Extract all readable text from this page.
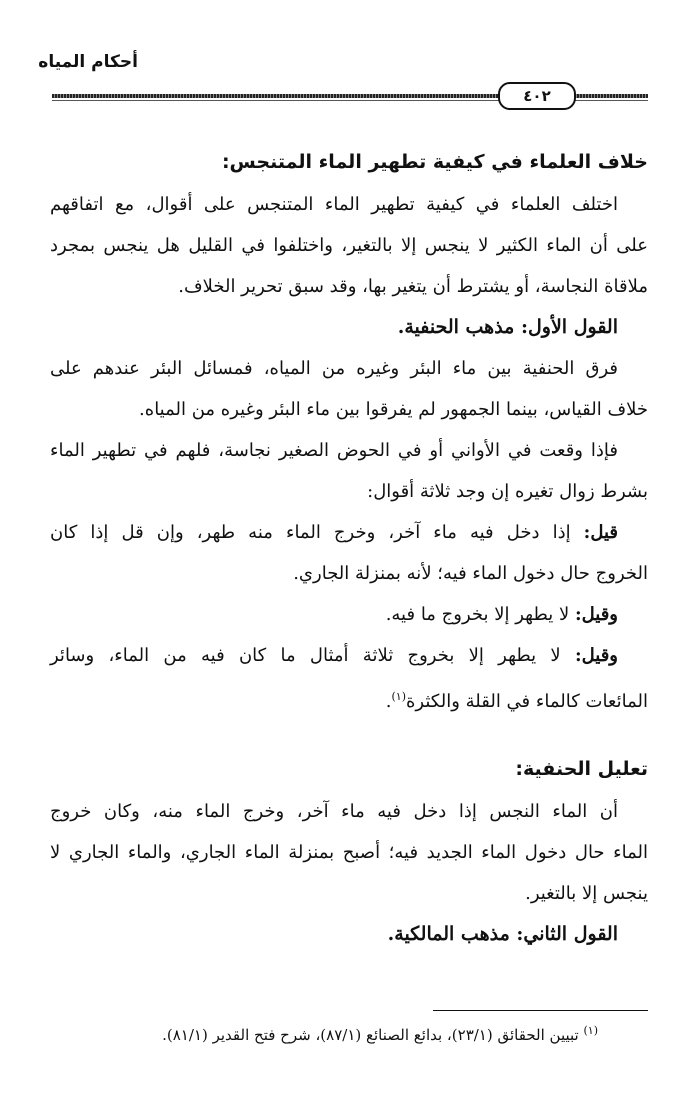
أحكام المياه
٤٠٢
خلاف العلماء في كيفية تطهير الماء المتنجس:
اختلف العلماء في كيفية تطهير الماء المتنجس على أقوال، مع اتفاقهم
على أن الماء الكثير لا ينجس إلا بالتغير، واختلفوا في القليل هل ينجس بمجرد
ملاقاة النجاسة، أو يشترط أن يتغير بها، وقد سبق تحرير الخلاف.
القول الأول: مذهب الحنفية.
فرق الحنفية بين ماء البئر وغيره من المياه، فمسائل البئر عندهم على
خلاف القياس، بينما الجمهور لم يفرقوا بين ماء البئر وغيره من المياه.
فإذا وقعت في الأواني أو في الحوض الصغير نجاسة، فلهم في تطهير الماء
بشرط زوال تغيره إن وجد ثلاثة أقوال:
قيل: إذا دخل فيه ماء آخر، وخرج الماء منه طهر، وإن قل إذا كان
الخروج حال دخول الماء فيه؛ لأنه بمنزلة الجاري.
وقيل: لا يطهر إلا بخروج ما فيه.
وقيل: لا يطهر إلا بخروج ثلاثة أمثال ما كان فيه من الماء، وسائر
المائعات كالماء في القلة والكثرة$^{(١)}$.
تعليل الحنفية:
أن الماء النجس إذا دخل فيه ماء آخر، وخرج الماء منه، وكان خروج
الماء حال دخول الماء الجديد فيه؛ أصبح بمنزلة الماء الجاري، والماء الجاري لا
ينجس إلا بالتغير.
القول الثاني: مذهب المالكية.
$^{(١)}$ تبيين الحقائق (٢٣/١)، بدائع الصنائع (٨٧/١)، شرح فتح القدير (٨١/١).
